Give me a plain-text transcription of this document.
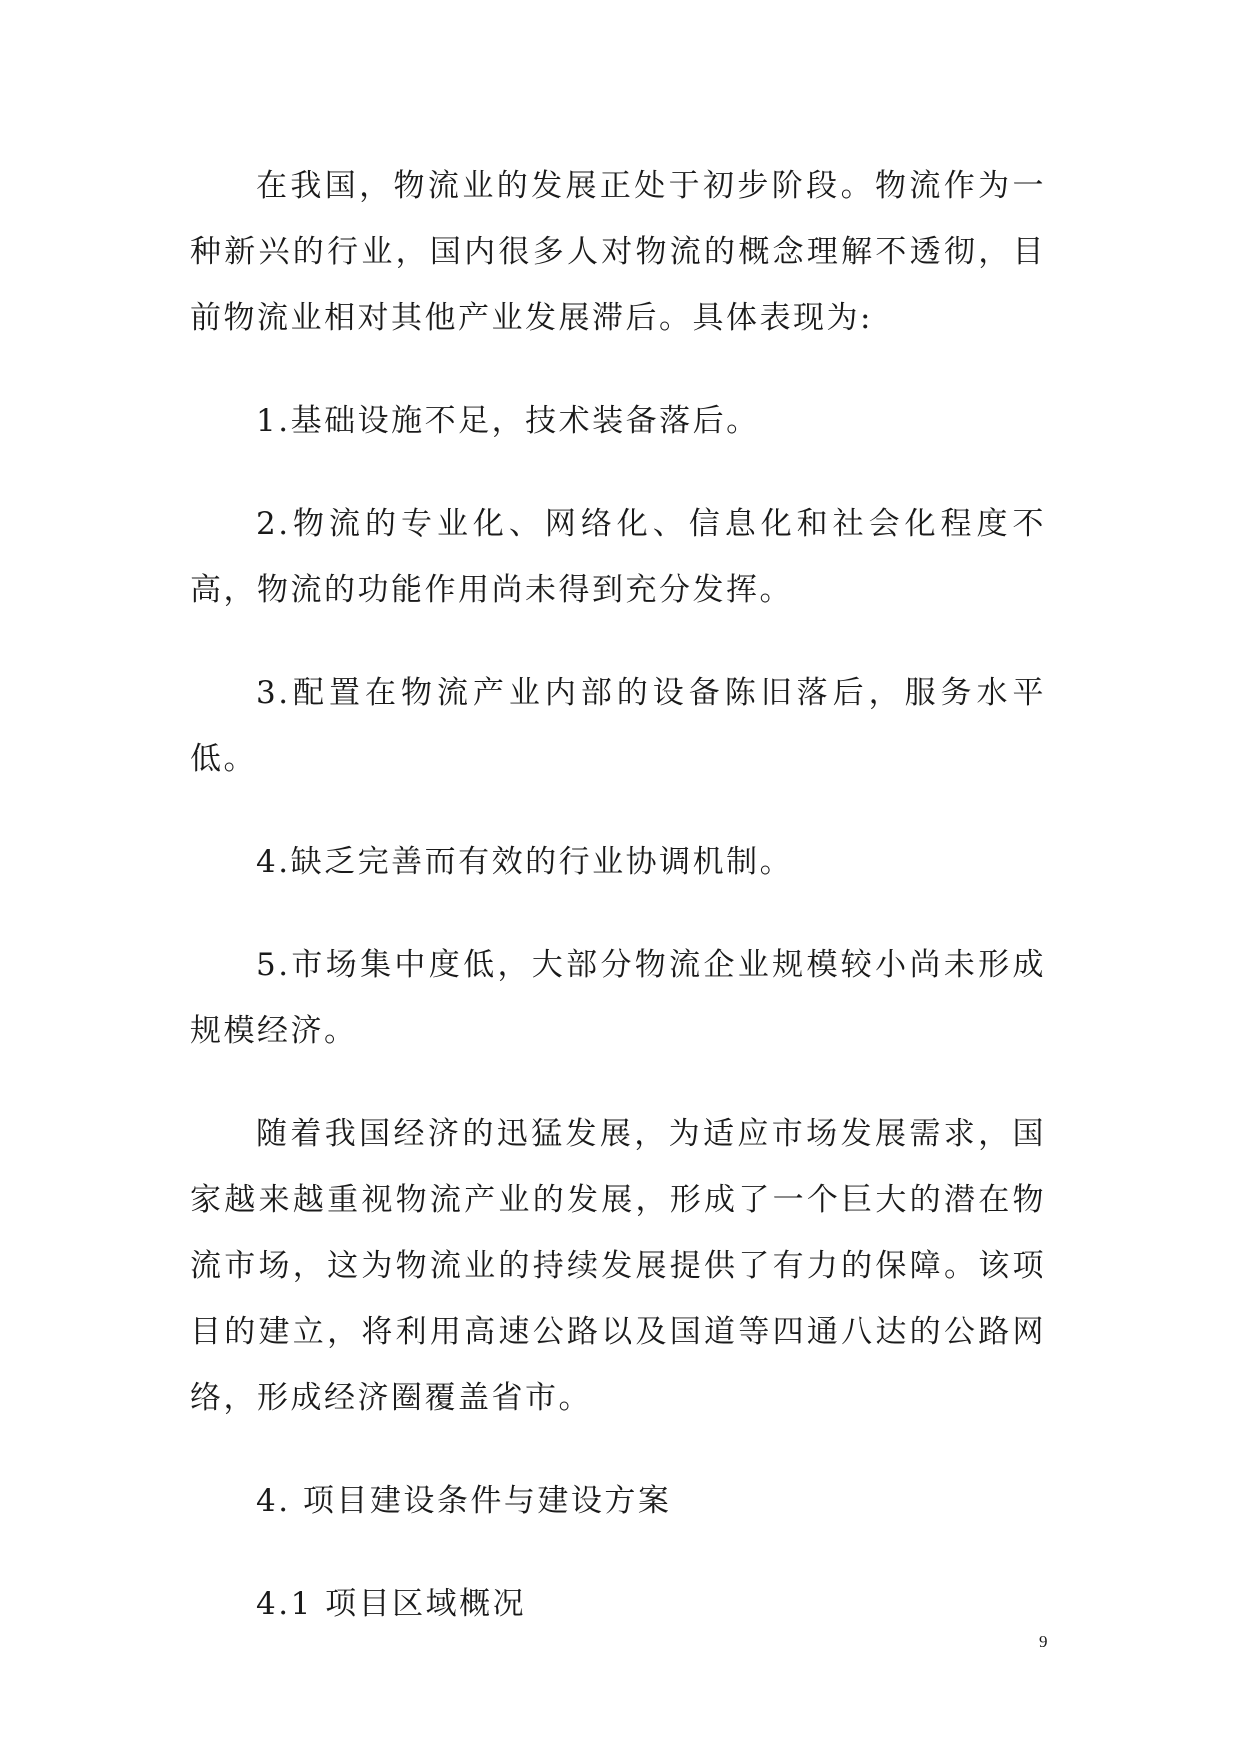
在我国，物流业的发展正处于初步阶段。物流作为一种新兴的行业，国内很多人对物流的概念理解不透彻，目前物流业相对其他产业发展滞后。具体表现为:

1.基础设施不足，技术装备落后。

2.物流的专业化、网络化、信息化和社会化程度不高，物流的功能作用尚未得到充分发挥。

3.配置在物流产业内部的设备陈旧落后，服务水平低。

4.缺乏完善而有效的行业协调机制。

5.市场集中度低，大部分物流企业规模较小尚未形成规模经济。

随着我国经济的迅猛发展，为适应市场发展需求，国家越来越重视物流产业的发展，形成了一个巨大的潜在物流市场，这为物流业的持续发展提供了有力的保障。该项目的建立，将利用高速公路以及国道等四通八达的公路网络，形成经济圈覆盖省市。

4. 项目建设条件与建设方案

4.1 项目区域概况

9
